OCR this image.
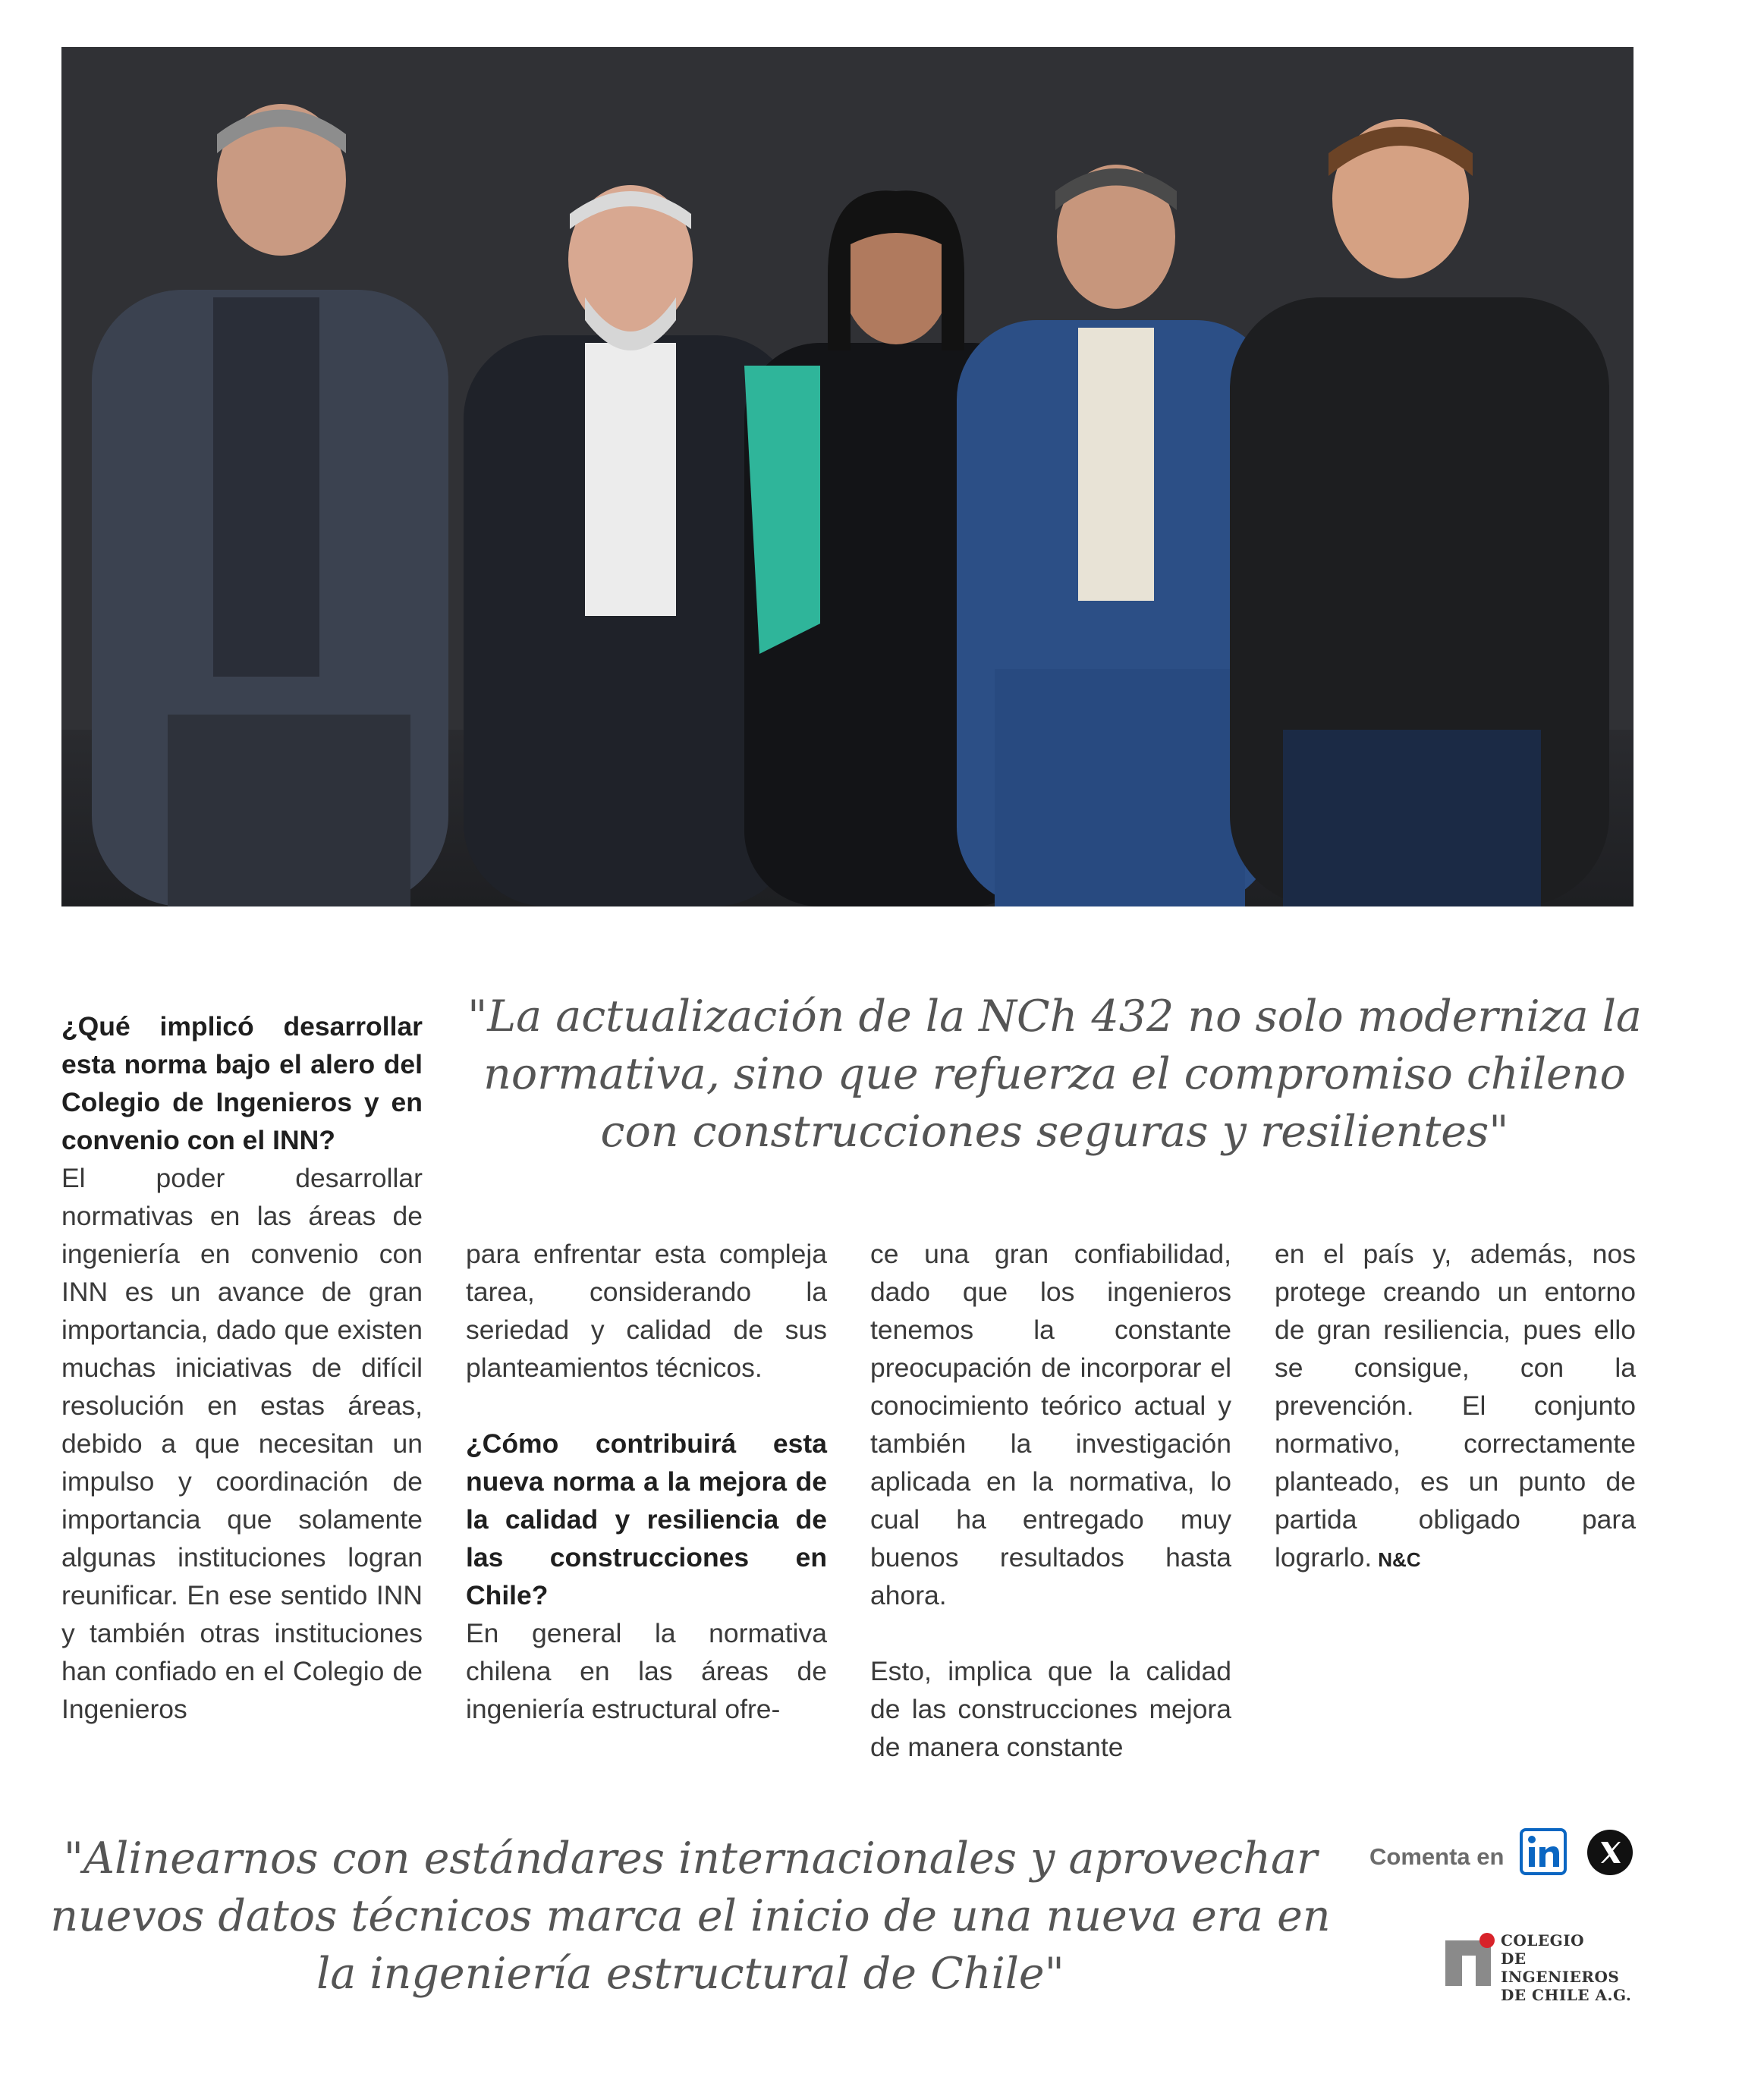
"La actualización de la NCh 432 no solo moderniza la normativa, sino que refuerza el compromiso chileno con construcciones seguras y resilientes"

¿Qué implicó desarrollar esta norma bajo el alero del Colegio de Ingenieros y en convenio con el INN?

El poder desarrollar normativas en las áreas de ingeniería en convenio con INN es un avance de gran importancia, dado que existen muchas iniciativas de difícil resolución en estas áreas, debido a que necesitan un impulso y coordinación de importancia que solamente algunas instituciones logran reunificar. En ese sentido INN y también otras instituciones han confiado en el Colegio de Ingenieros

para enfrentar esta compleja tarea, considerando la seriedad y calidad de sus planteamientos técnicos.

¿Cómo contribuirá esta nueva norma a la mejora de la calidad y resiliencia de las construcciones en Chile?

En general la normativa chilena en las áreas de ingeniería estructural ofre-

ce una gran confiabilidad, dado que los ingenieros tenemos la constante preocupación de incorporar el conocimiento teórico actual y también la investigación aplicada en la normativa, lo cual ha entregado muy buenos resultados hasta ahora.

Esto, implica que la calidad de las construcciones mejora de manera constante

en el país y, además, nos protege creando un entorno de gran resiliencia, pues ello se consigue, con la prevención. El conjunto normativo, correctamente planteado, es un punto de partida obligado para lograrlo. N&C

"Alinearnos con estándares internacionales y aprovechar nuevos datos técnicos marca el inicio de una nueva era en la ingeniería estructural de Chile"

Comenta en
COLEGIO
DE INGENIEROS
DE CHILE A.G.
